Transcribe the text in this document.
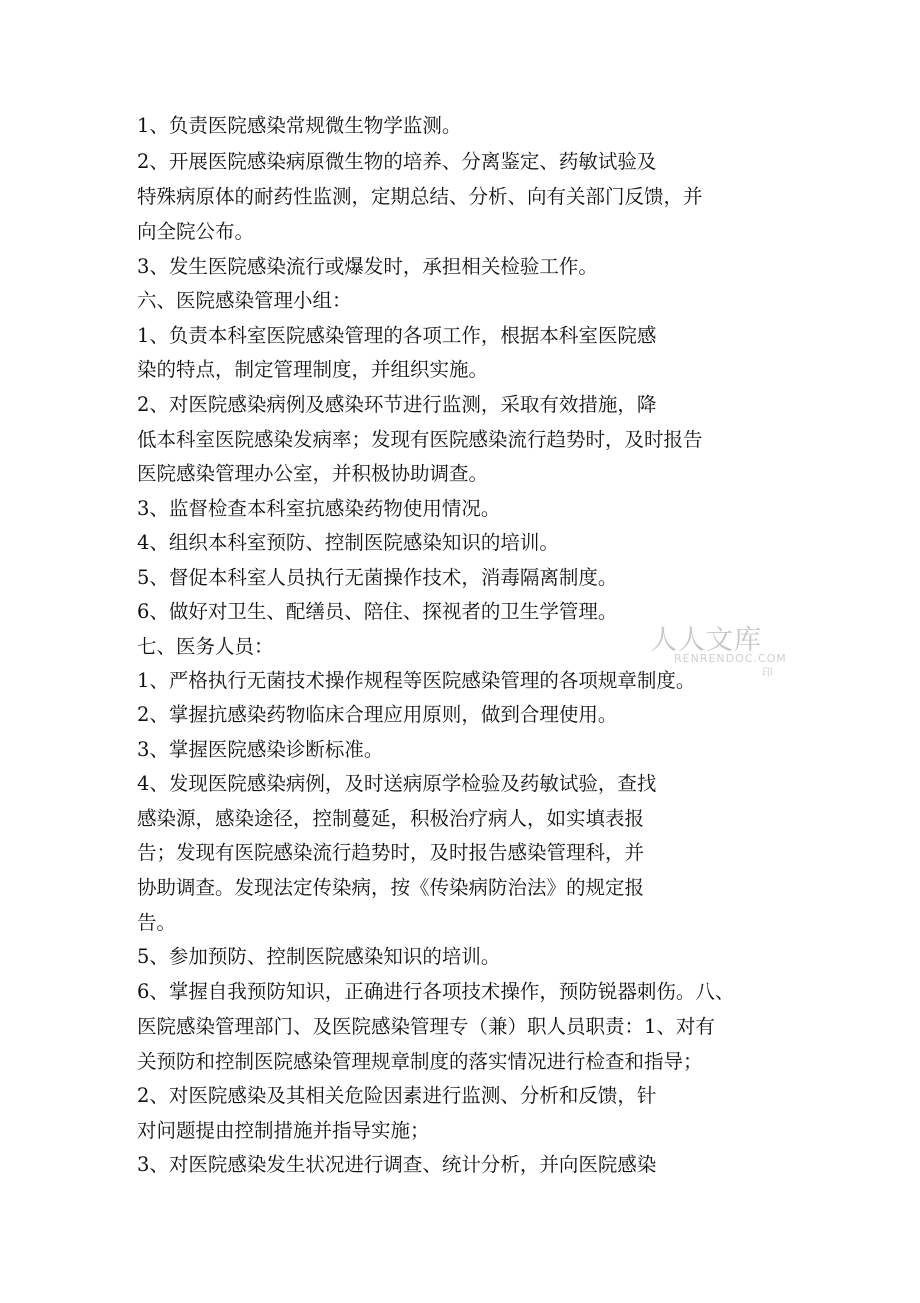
1、负责医院感染常规微生物学监测。

2、开展医院感染病原微生物的培养、分离鉴定、药敏试验及

特殊病原体的耐药性监测，定期总结、分析、向有关部门反馈，并

向全院公布。

3、发生医院感染流行或爆发时，承担相关检验工作。

六、医院感染管理小组：

1、负责本科室医院感染管理的各项工作，根据本科室医院感

染的特点，制定管理制度，并组织实施。

2、对医院感染病例及感染环节进行监测，采取有效措施，降

低本科室医院感染发病率；发现有医院感染流行趋势时，及时报告

医院感染管理办公室，并积极协助调查。

3、监督检查本科室抗感染药物使用情况。

4、组织本科室预防、控制医院感染知识的培训。

5、督促本科室人员执行无菌操作技术，消毒隔离制度。

6、做好对卫生、配缮员、陪住、探视者的卫生学管理。

七、医务人员：

1、严格执行无菌技术操作规程等医院感染管理的各项规章制度。

2、掌握抗感染药物临床合理应用原则，做到合理使用。

3、掌握医院感染诊断标准。

4、发现医院感染病例，及时送病原学检验及药敏试验，查找

感染源，感染途径，控制蔓延，积极治疗病人，如实填表报

告；发现有医院感染流行趋势时，及时报告感染管理科，并

协助调查。发现法定传染病，按《传染病防治法》的规定报

告。

5、参加预防、控制医院感染知识的培训。

6、掌握自我预防知识，正确进行各项技术操作，预防锐器刺伤。八、

医院感染管理部门、及医院感染管理专（兼）职人员职责：1、对有

关预防和控制医院感染管理规章制度的落实情况进行检查和指导；

2、对医院感染及其相关危险因素进行监测、分析和反馈，针

对问题提由控制措施并指导实施；

3、对医院感染发生状况进行调查、统计分析，并向医院感染

人人文库
RENRENDOC.COM
印
